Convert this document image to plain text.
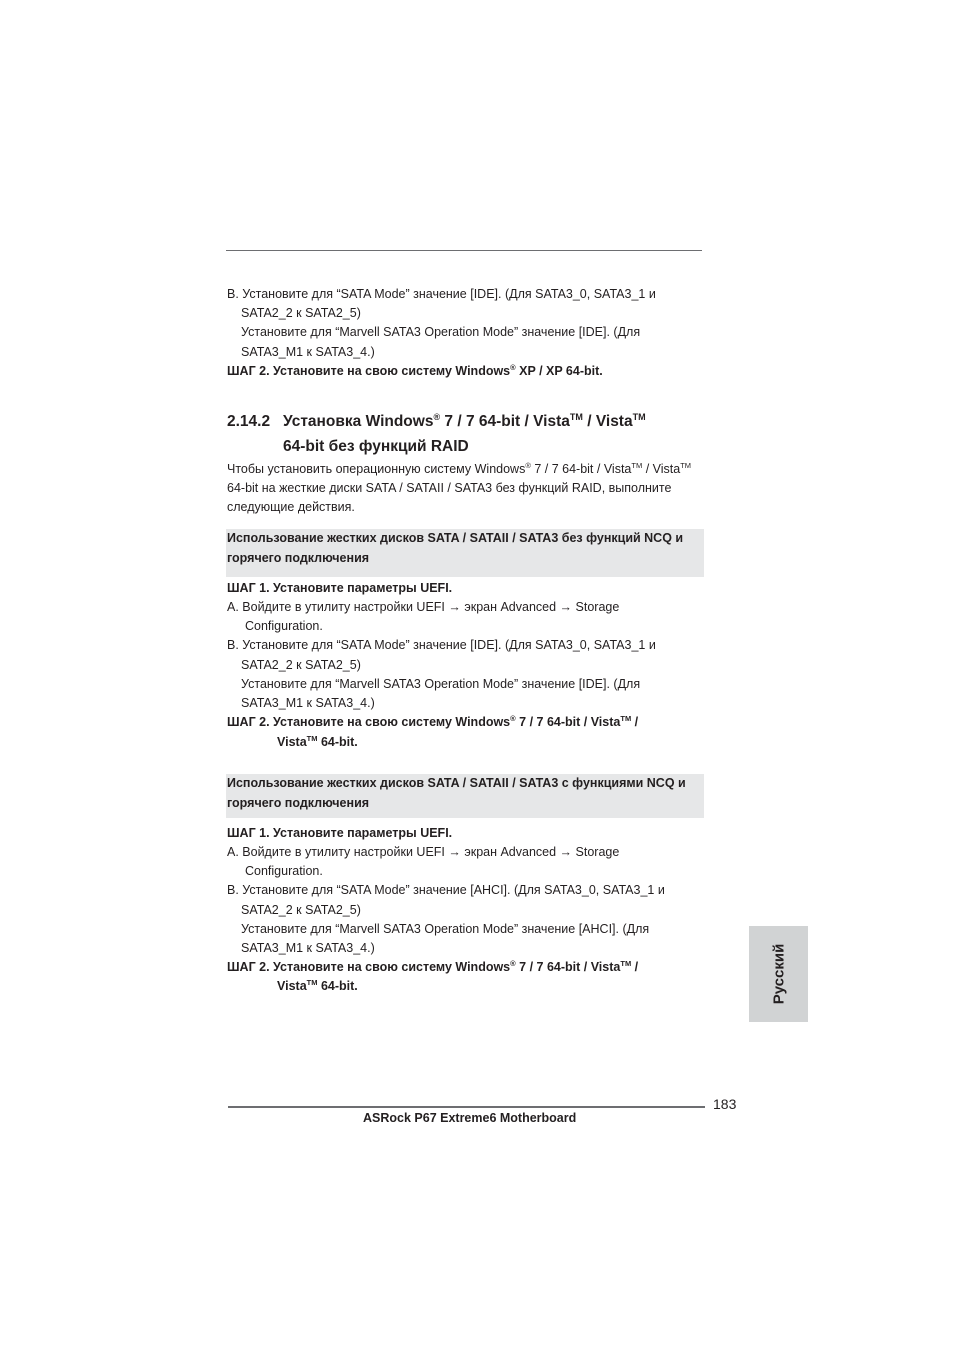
B. Установите для “SATA Mode” значение [IDE]. (Для SATA3_0, SATA3_1 и
SATA2_2 к SATA2_5)
Установите для “Marvell SATA3 Operation Mode” значение [IDE]. (Для
SATA3_M1 к SATA3_4.)
ШАГ 2. Установите на свою систему Windows® XP / XP 64-bit.
2.14.2 Установка Windows® 7 / 7 64-bit / Vista™ / Vista™
64-bit без функций RAID
Чтобы установить операционную систему Windows® 7 / 7 64-bit / Vista™ / Vista™
64-bit на жесткие диски SATA / SATAII / SATA3 без функций RAID, выполните
следующие действия.
Использование жестких дисков SATA / SATAII / SATA3 без функций NCQ и
горячего подключения
ШАГ 1. Установите параметры UEFI.
A. Войдите в утилиту настройки UEFI → экран Advanced → Storage
Configuration.
B. Установите для “SATA Mode” значение [IDE]. (Для SATA3_0, SATA3_1 и
SATA2_2 к SATA2_5)
Установите для “Marvell SATA3 Operation Mode” значение [IDE]. (Для
SATA3_M1 к SATA3_4.)
ШАГ 2. Установите на свою систему Windows® 7 / 7 64-bit / Vista™ /
Vista™ 64-bit.
Использование жестких дисков SATA / SATAII / SATA3 с функциями NCQ и
горячего подключения
ШАГ 1. Установите параметры UEFI.
A. Войдите в утилиту настройки UEFI → экран Advanced → Storage
Configuration.
B. Установите для “SATA Mode” значение [AHCI]. (Для SATA3_0, SATA3_1 и
SATA2_2 к SATA2_5)
Установите для “Marvell SATA3 Operation Mode” значение [AHCI]. (Для
SATA3_M1 к SATA3_4.)
ШАГ 2. Установите на свою систему Windows® 7 / 7 64-bit / Vista™ /
Vista™ 64-bit.	Русский
183
ASRock P67 Extreme6 Motherboard
